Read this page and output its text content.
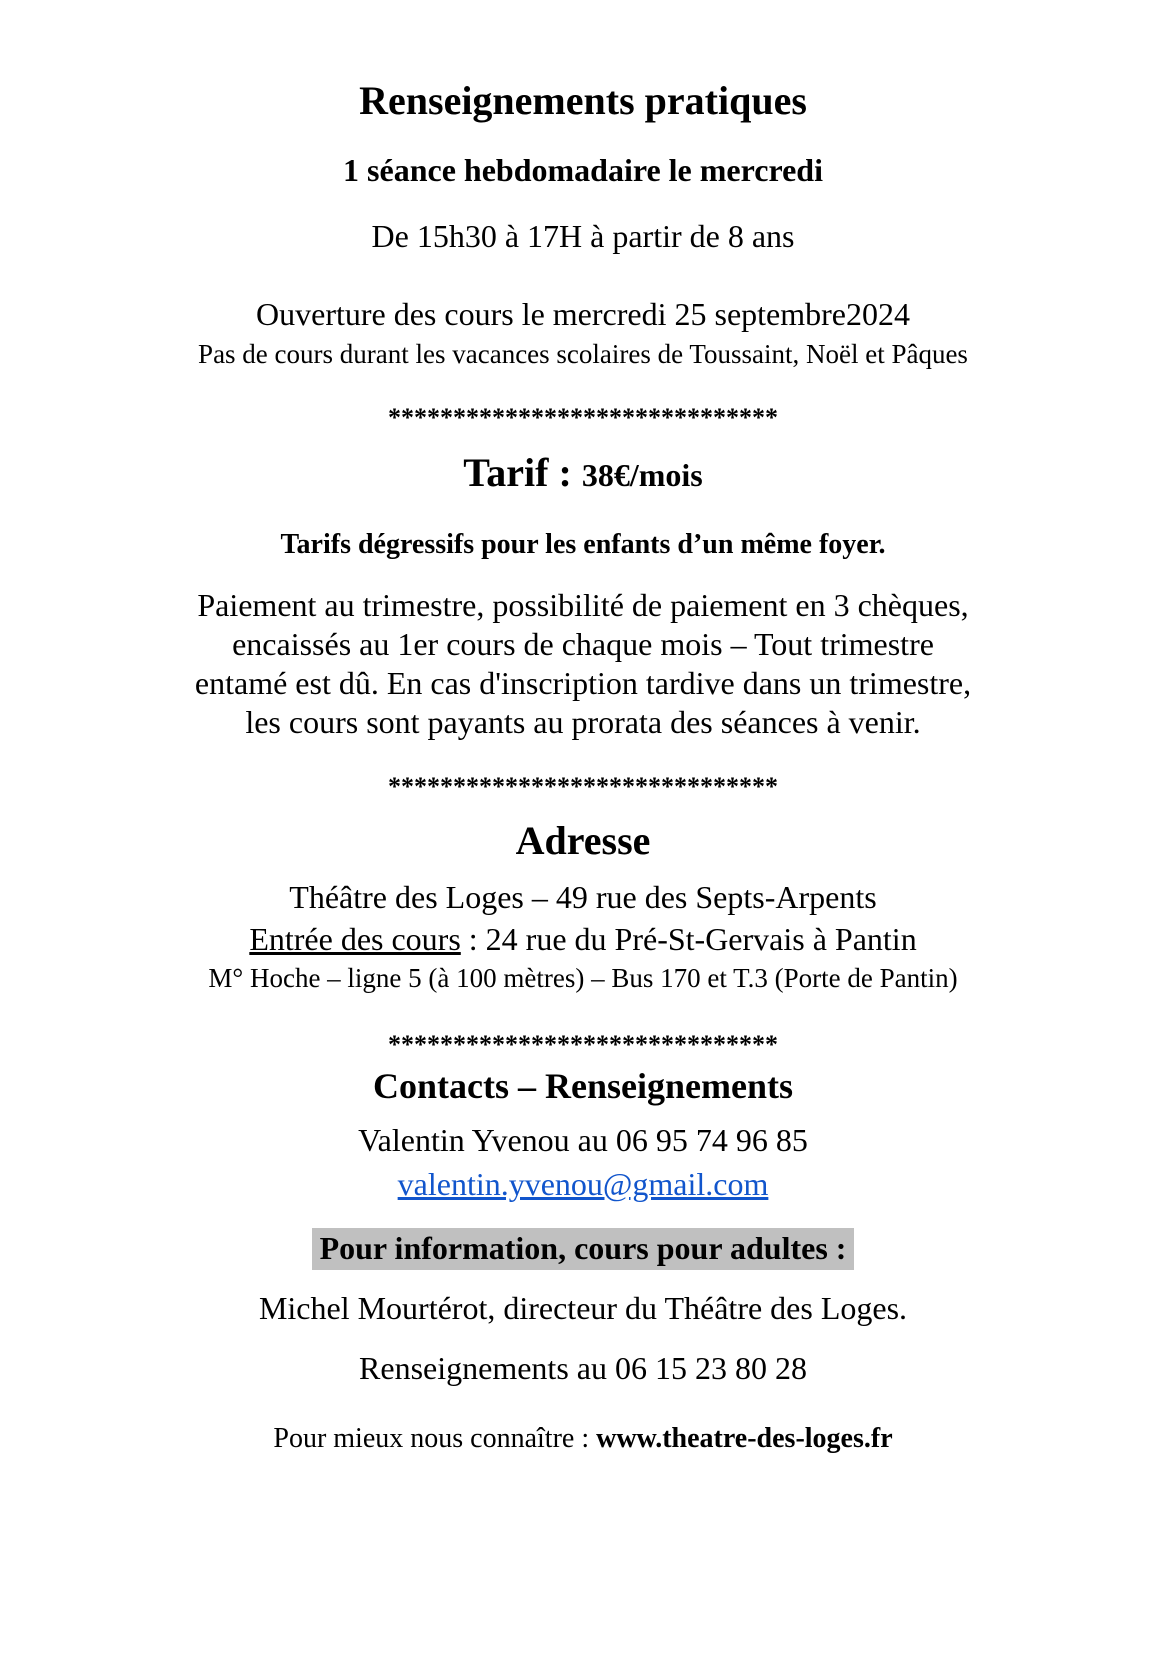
Renseignements pratiques
1 séance hebdomadaire le mercredi
De 15h30 à 17H à partir de 8 ans
Ouverture des cours le mercredi 25 septembre2024
Pas de cours durant les vacances scolaires de Toussaint, Noël et Pâques
******************************
Tarif : 38€/mois
Tarifs dégressifs pour les enfants d’un même foyer.
Paiement au trimestre, possibilité de paiement en 3 chèques,
encaissés au 1er cours de chaque mois – Tout trimestre
entamé est dû. En cas d'inscription tardive dans un trimestre,
les cours sont payants au prorata des séances à venir.
******************************
Adresse
Théâtre des Loges – 49 rue des Septs-Arpents
Entrée des cours : 24 rue du Pré-St-Gervais à Pantin
M° Hoche – ligne 5 (à 100 mètres) – Bus 170 et T.3 (Porte de Pantin)
******************************
Contacts – Renseignements
Valentin Yvenou au 06 95 74 96 85
valentin.yvenou@gmail.com
Pour information, cours pour adultes :
Michel Mourtérot, directeur du Théâtre des Loges.
Renseignements au 06 15 23 80 28
Pour mieux nous connaître : www.theatre-des-loges.fr
